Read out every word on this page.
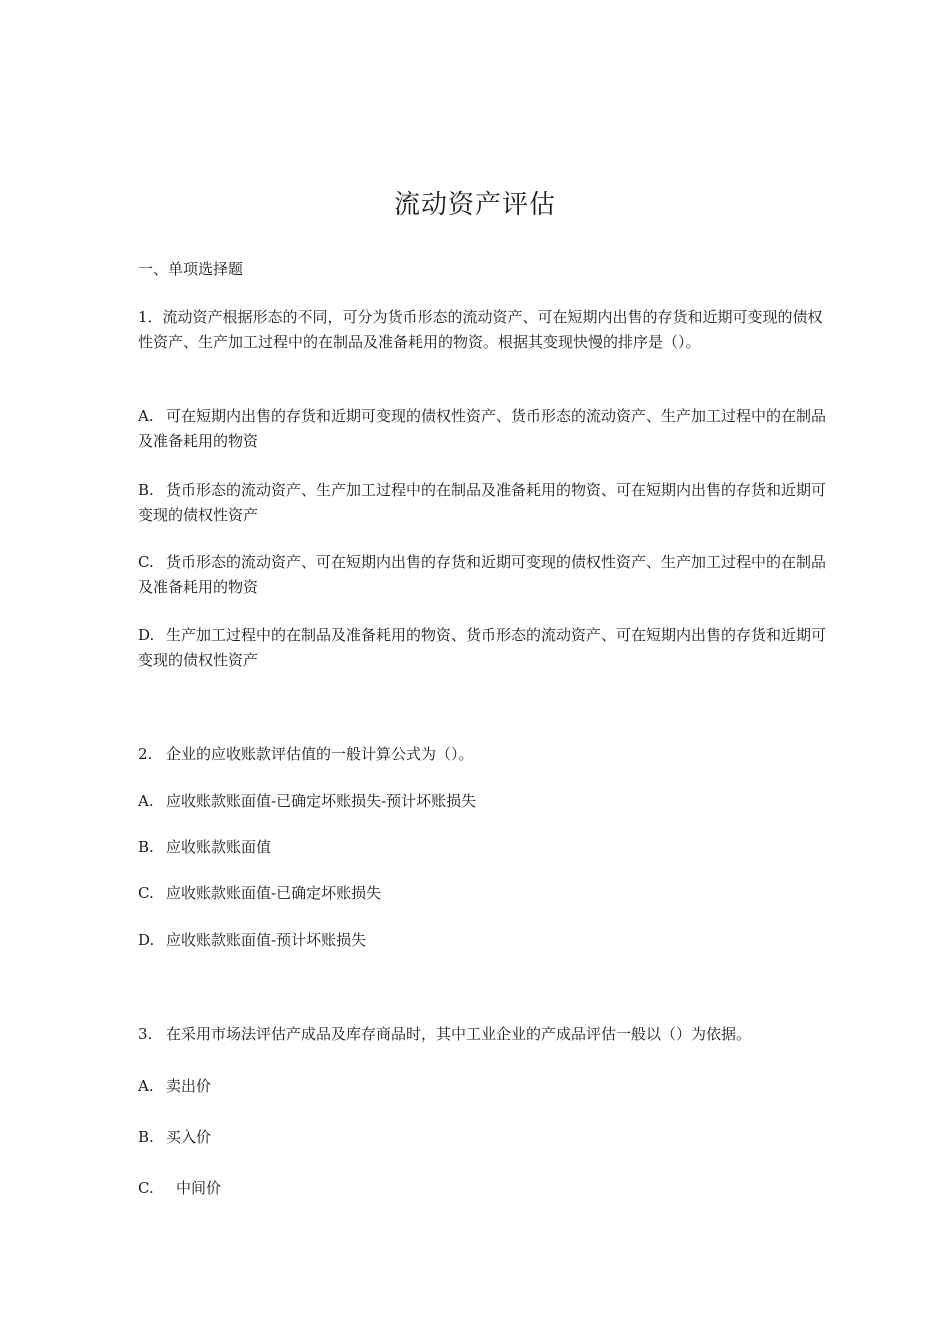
流动资产评估
一、单项选择题
1．流动资产根据形态的不同，可分为货币形态的流动资产、可在短期内出售的存货和近期可变现的债权性资产、生产加工过程中的在制品及准备耗用的物资。根据其变现快慢的排序是（）。
A. 可在短期内出售的存货和近期可变现的债权性资产、货币形态的流动资产、生产加工过程中的在制品及准备耗用的物资
B. 货币形态的流动资产、生产加工过程中的在制品及准备耗用的物资、可在短期内出售的存货和近期可变现的债权性资产
C. 货币形态的流动资产、可在短期内出售的存货和近期可变现的债权性资产、生产加工过程中的在制品及准备耗用的物资
D. 生产加工过程中的在制品及准备耗用的物资、货币形态的流动资产、可在短期内出售的存货和近期可变现的债权性资产
2. 企业的应收账款评估值的一般计算公式为（）。
A. 应收账款账面值-已确定坏账损失-预计坏账损失
B. 应收账款账面值
C. 应收账款账面值-已确定坏账损失
D. 应收账款账面值-预计坏账损失
3. 在采用市场法评估产成品及库存商品时，其中工业企业的产成品评估一般以（）为依据。
A. 卖出价
B. 买入价
C. 中间价
